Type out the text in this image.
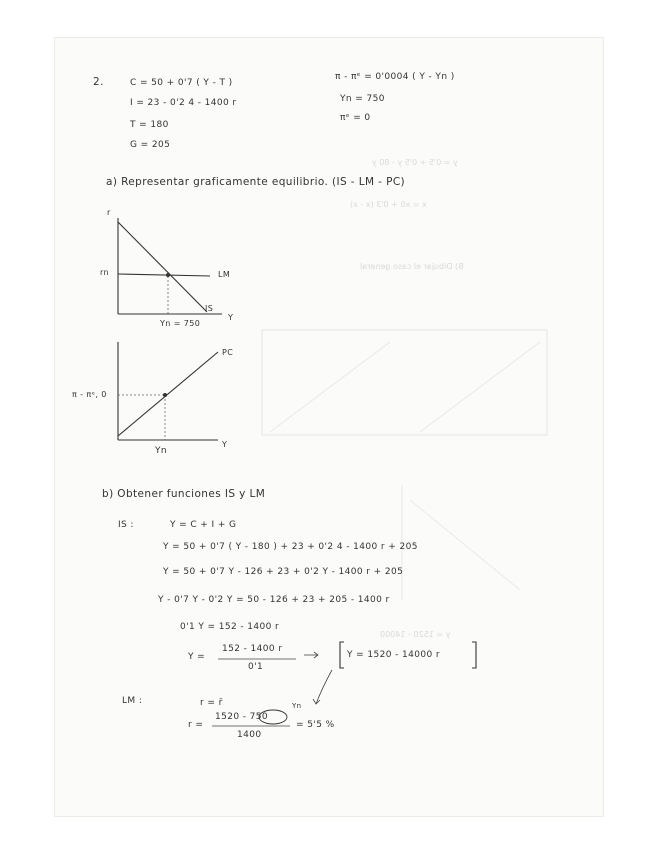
y = 0'5 + 0'5 y - 80 y
x = x0 + 0'3 (x - x)
B) Dibujar el caso general
y = 1520 - 14000
2.	C = 50 + 0'7 ( Y - T )
I = 23 - 0'2 4 - 1400 r
T = 180
G = 205
π - πᵉ = 0'0004 ( Y - Yn )
Yn = 750
πᵉ = 0
a) Representar graficamente equilibrio. (IS - LM - PC)
r
rn	LM
IS
Y
Yn = 750
PC
π - πᵉ, 0
Y
Yn
b) Obtener funciones IS y LM
IS :	Y = C + I + G
Y = 50 + 0'7 ( Y - 180 ) + 23 + 0'2 4 - 1400 r + 205
Y = 50 + 0'7 Y - 126 + 23 + 0'2 Y - 1400 r + 205
Y - 0'7 Y - 0'2 Y = 50 - 126 + 23 + 205 - 1400 r
0'1 Y = 152 - 1400 r
Y =
152 - 1400 r
0'1
Y = 1520 - 14000 r
LM :	r = r̄
r =
1520 - 750
1400
= 5'5 %
Yn
